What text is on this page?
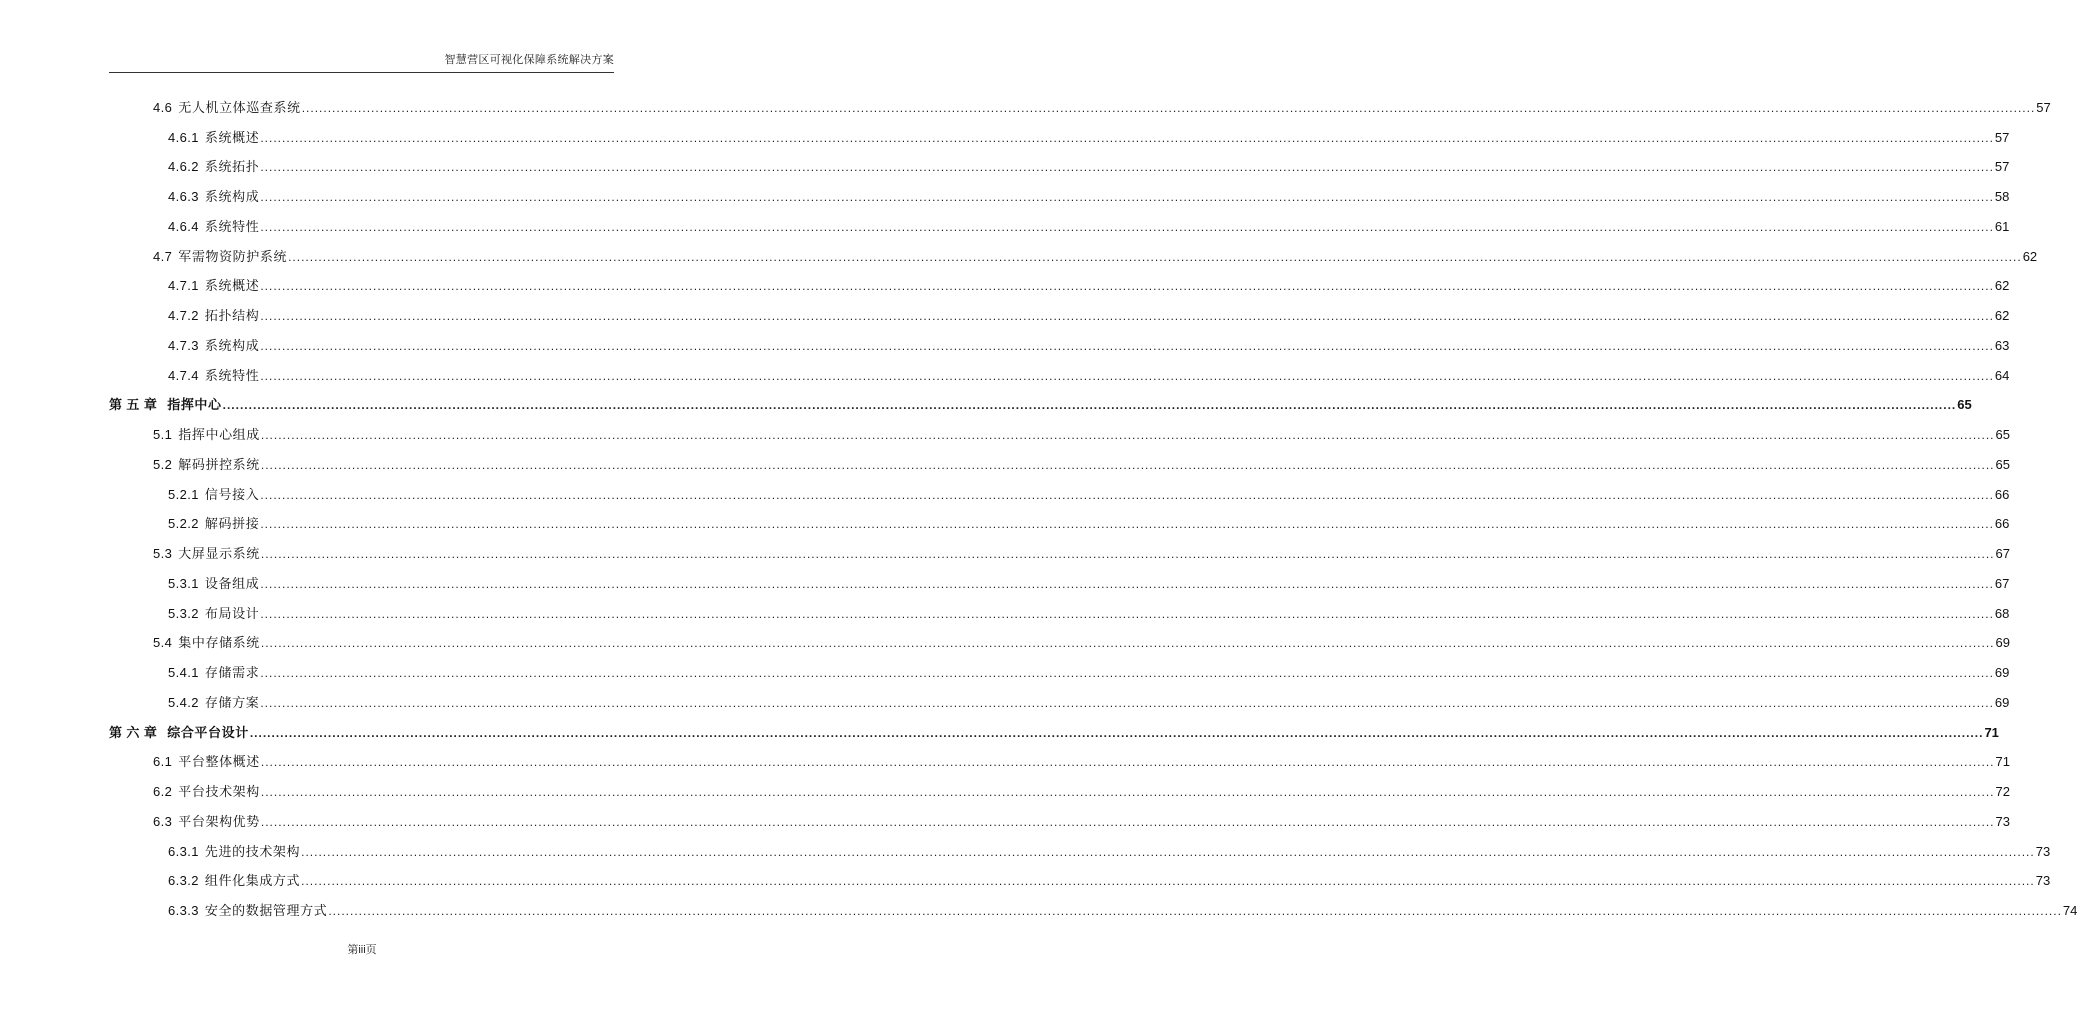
智慧营区可视化保障系统解决方案
4.6 无人机立体巡查系统 ................................................................................................................................................................................................................................................................................................................................................................................................................ 57
4.6.1 系统概述 ................................................................................................................................................................................................................................................................................................................................................................................................................ 57
4.6.2 系统拓扑 ................................................................................................................................................................................................................................................................................................................................................................................................................ 57
4.6.3 系统构成 ................................................................................................................................................................................................................................................................................................................................................................................................................ 58
4.6.4 系统特性 ................................................................................................................................................................................................................................................................................................................................................................................................................ 61
4.7 军需物资防护系统 ................................................................................................................................................................................................................................................................................................................................................................................................................ 62
4.7.1 系统概述 ................................................................................................................................................................................................................................................................................................................................................................................................................ 62
4.7.2 拓扑结构 ................................................................................................................................................................................................................................................................................................................................................................................................................ 62
4.7.3 系统构成 ................................................................................................................................................................................................................................................................................................................................................................................................................ 63
4.7.4 系统特性 ................................................................................................................................................................................................................................................................................................................................................................................................................ 64
第 五 章 指挥中心 ................................................................................................................................................................................................................................................................................................................................................................................................................ 65
5.1 指挥中心组成 ................................................................................................................................................................................................................................................................................................................................................................................................................ 65
5.2 解码拼控系统 ................................................................................................................................................................................................................................................................................................................................................................................................................ 65
5.2.1 信号接入 ................................................................................................................................................................................................................................................................................................................................................................................................................ 66
5.2.2 解码拼接 ................................................................................................................................................................................................................................................................................................................................................................................................................ 66
5.3 大屏显示系统 ................................................................................................................................................................................................................................................................................................................................................................................................................ 67
5.3.1 设备组成 ................................................................................................................................................................................................................................................................................................................................................................................................................ 67
5.3.2 布局设计 ................................................................................................................................................................................................................................................................................................................................................................................................................ 68
5.4 集中存储系统 ................................................................................................................................................................................................................................................................................................................................................................................................................ 69
5.4.1 存储需求 ................................................................................................................................................................................................................................................................................................................................................................................................................ 69
5.4.2 存储方案 ................................................................................................................................................................................................................................................................................................................................................................................................................ 69
第 六 章 综合平台设计 ................................................................................................................................................................................................................................................................................................................................................................................................................ 71
6.1 平台整体概述 ................................................................................................................................................................................................................................................................................................................................................................................................................ 71
6.2 平台技术架构 ................................................................................................................................................................................................................................................................................................................................................................................................................ 72
6.3 平台架构优势 ................................................................................................................................................................................................................................................................................................................................................................................................................ 73
6.3.1 先进的技术架构 ................................................................................................................................................................................................................................................................................................................................................................................................................ 73
6.3.2 组件化集成方式 ................................................................................................................................................................................................................................................................................................................................................................................................................ 73
6.3.3 安全的数据管理方式 ................................................................................................................................................................................................................................................................................................................................................................................................................ 74
第iii页
